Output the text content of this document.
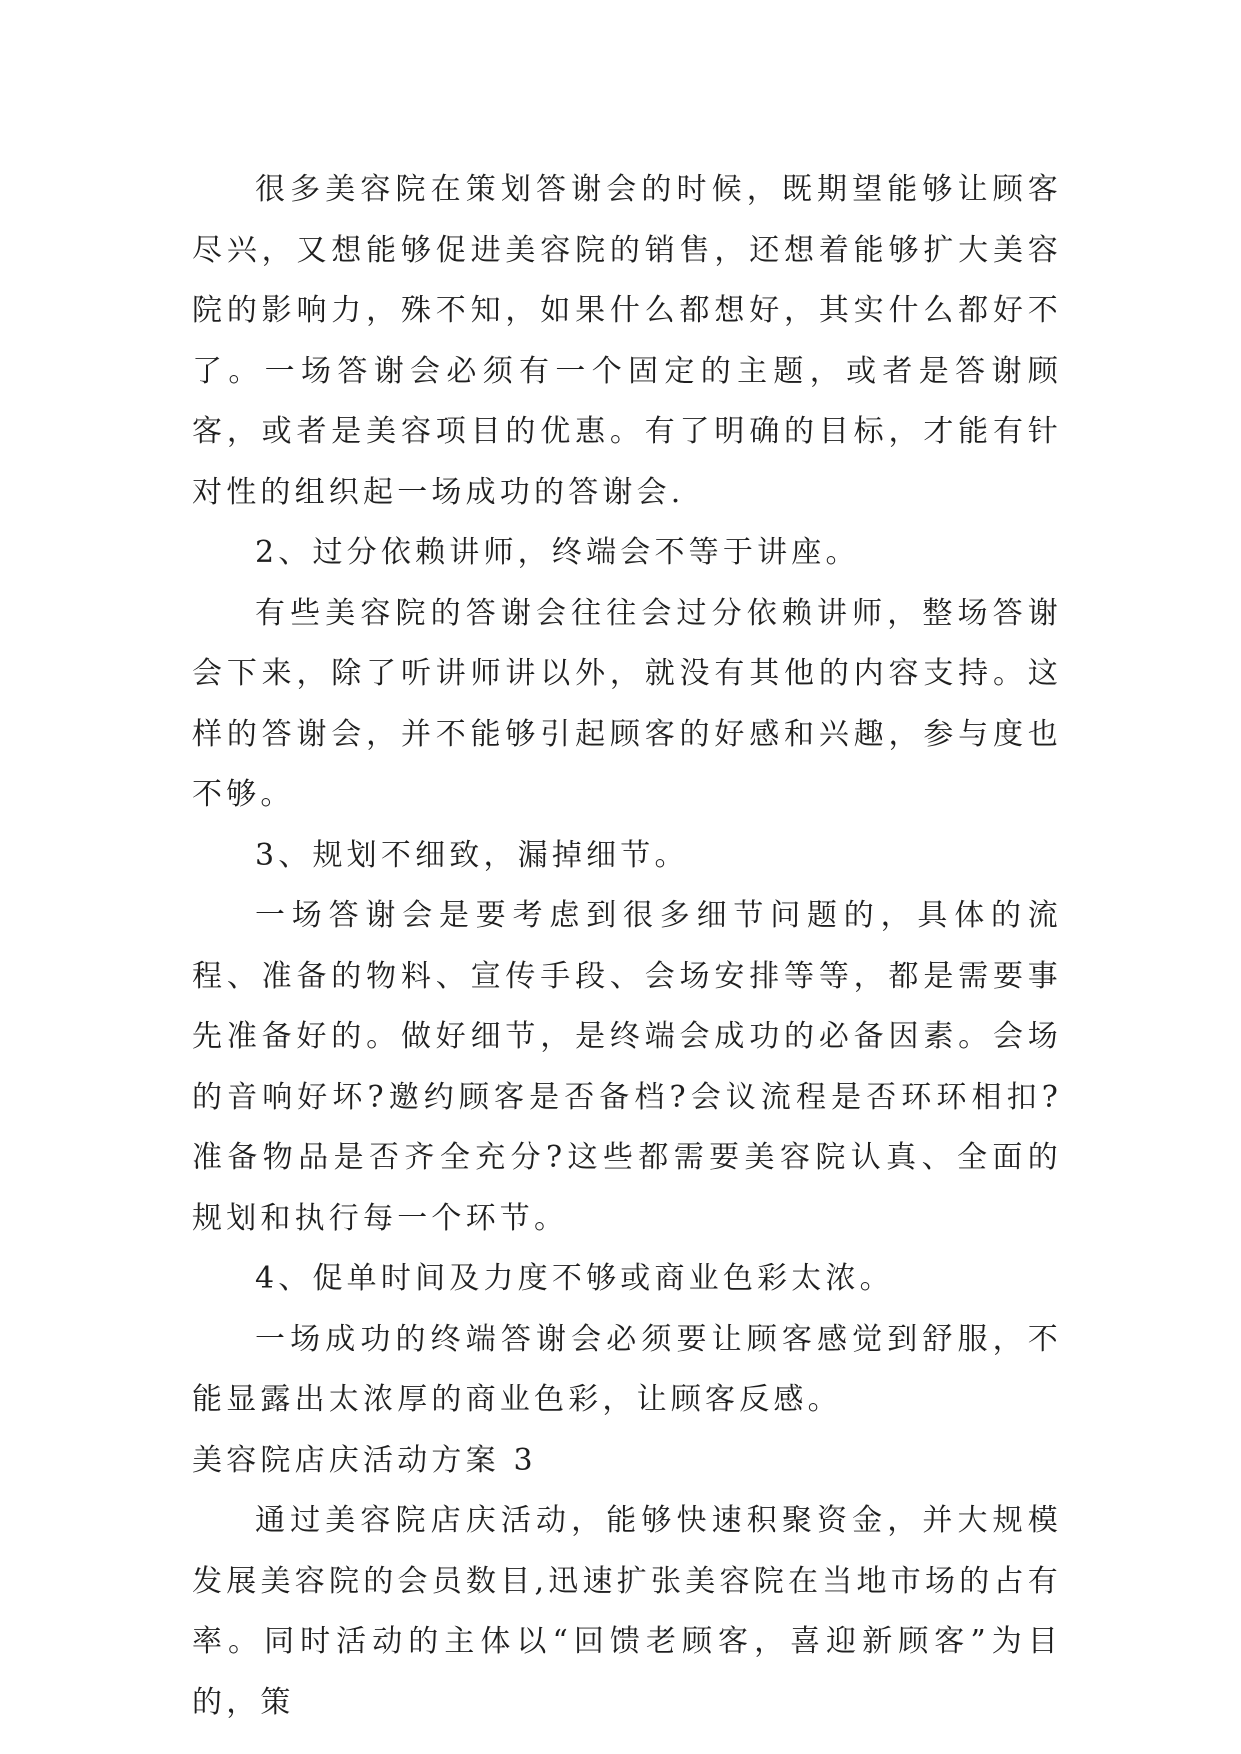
很多美容院在策划答谢会的时候，既期望能够让顾客尽兴，又想能够促进美容院的销售，还想着能够扩大美容院的影响力，殊不知，如果什么都想好，其实什么都好不了。一场答谢会必须有一个固定的主题，或者是答谢顾客，或者是美容项目的优惠。有了明确的目标，才能有针对性的组织起一场成功的答谢会.

2、过分依赖讲师，终端会不等于讲座。

有些美容院的答谢会往往会过分依赖讲师，整场答谢会下来，除了听讲师讲以外，就没有其他的内容支持。这样的答谢会，并不能够引起顾客的好感和兴趣，参与度也不够。

3、规划不细致，漏掉细节。

一场答谢会是要考虑到很多细节问题的，具体的流程、准备的物料、宣传手段、会场安排等等，都是需要事先准备好的。做好细节，是终端会成功的必备因素。会场的音响好坏?邀约顾客是否备档?会议流程是否环环相扣?准备物品是否齐全充分?这些都需要美容院认真、全面的规划和执行每一个环节。

4、促单时间及力度不够或商业色彩太浓。

一场成功的终端答谢会必须要让顾客感觉到舒服，不能显露出太浓厚的商业色彩，让顾客反感。

美容院店庆活动方案 3

通过美容院店庆活动，能够快速积聚资金，并大规模发展美容院的会员数目,迅速扩张美容院在当地市场的占有率。同时活动的主体以“回馈老顾客，喜迎新顾客”为目的，策
